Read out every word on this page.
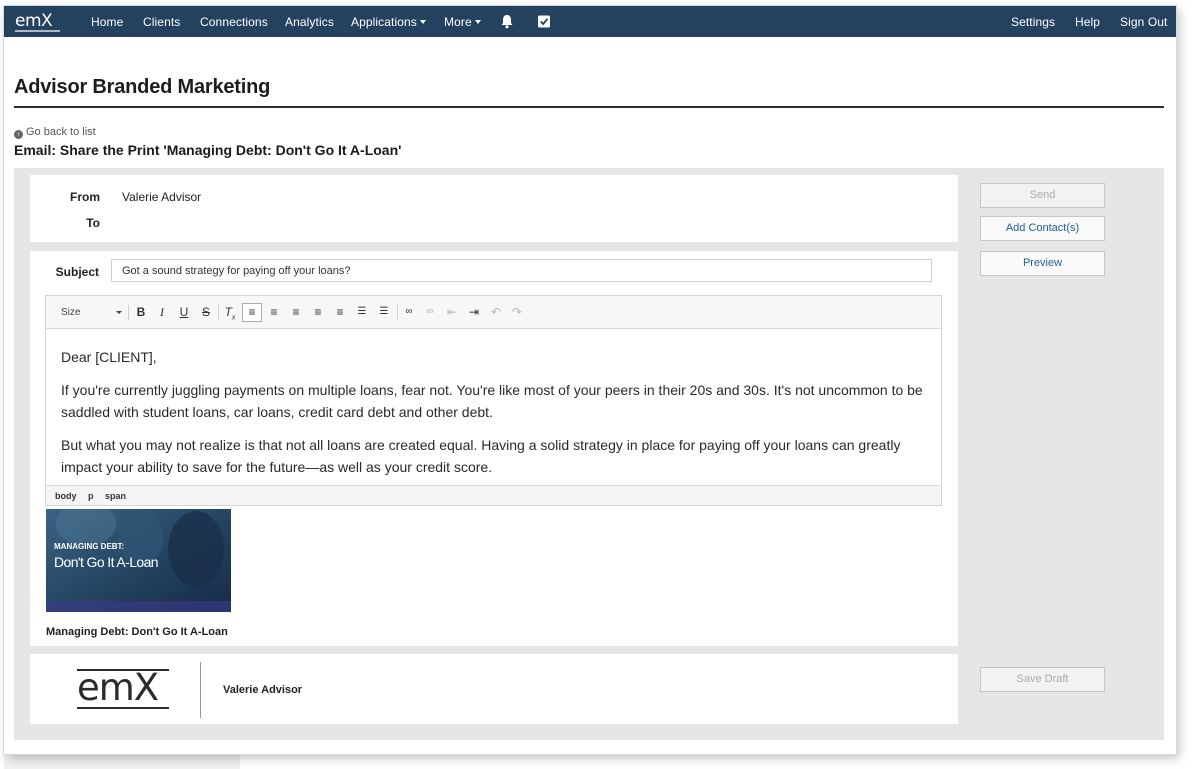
emX	Home Clients Connections Analytics Applications	More	Settings Help Sign Out
Advisor Branded Marketing
‹ Go back to list
Email: Share the Print 'Managing Debt: Don't Go It A-Loan'
From Valerie Advisor
To
Subject	Got a sound strategy for paying off your loans?
Size	B	I	U S $T_x$	≡	≡ ≡ ≡ ≡	☰ ☰	∞	∞ ⇤ ⇥ ↶ ↷

Dear [CLIENT],

If you're currently juggling payments on multiple loans, fear not. You're like most of your peers in their 20s and 30s. It's not uncommon to be saddled with student loans, car loans, credit card debt and other debt.

But what you may not realize is that not all loans are created equal. Having a solid strategy in place for paying off your loans can greatly impact your ability to save for the future—as well as your credit score.

body p span
MANAGING DEBT:
Don't Go It A-Loan
Managing Debt: Don't Go It A-Loan
emX	Valerie Advisor
Send
Add Contact(s)
Preview
Save Draft
